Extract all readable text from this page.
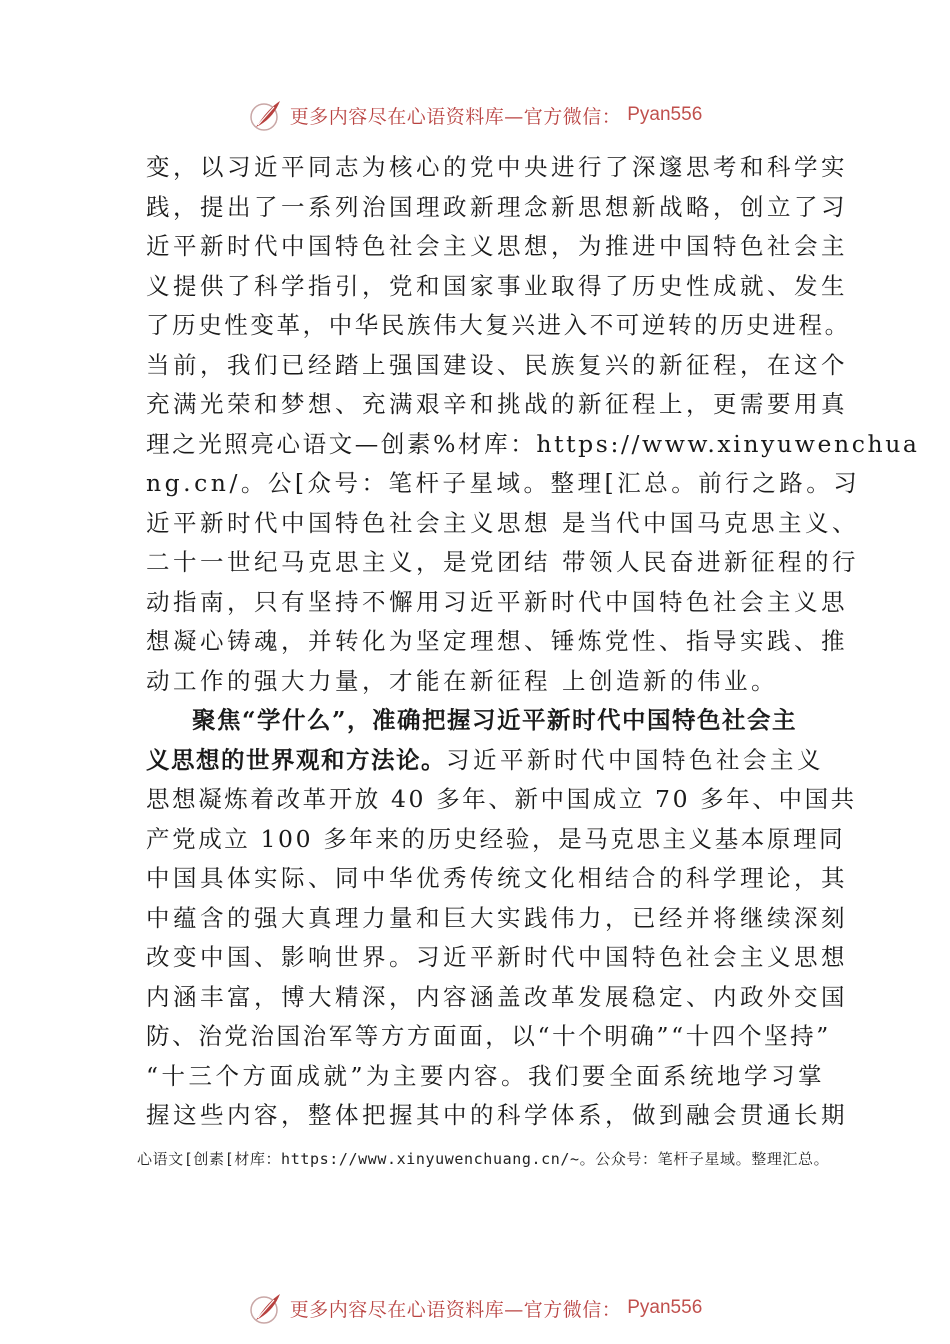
更多内容尽在心语资料库—官方微信： Pyan556
变，以习近平同志为核心的党中央进行了深邃思考和科学实
践，提出了一系列治国理政新理念新思想新战略，创立了习
近平新时代中国特色社会主义思想，为推进中国特色社会主
义提供了科学指引，党和国家事业取得了历史性成就、发生
了历史性变革，中华民族伟大复兴进入不可逆转的历史进程。
当前，我们已经踏上强国建设、民族复兴的新征程，在这个
充满光荣和梦想、充满艰辛和挑战的新征程上，更需要用真
理之光照亮心语文—创素%材库：https://www.xinyuwenchua
ng.cn/。公[众号：笔杆子星域。整理[汇总。前行之路。习
近平新时代中国特色社会主义思想 是当代中国马克思主义、
二十一世纪马克思主义，是党团结 带领人民奋进新征程的行
动指南，只有坚持不懈用习近平新时代中国特色社会主义思
想凝心铸魂，并转化为坚定理想、锤炼党性、指导实践、推
动工作的强大力量，才能在新征程 上创造新的伟业。
聚焦“学什么”，准确把握习近平新时代中国特色社会主
义思想的世界观和方法论。习近平新时代中国特色社会主义
思想凝炼着改革开放 40 多年、新中国成立 70 多年、中国共
产党成立 100 多年来的历史经验，是马克思主义基本原理同
中国具体实际、同中华优秀传统文化相结合的科学理论，其
中蕴含的强大真理力量和巨大实践伟力，已经并将继续深刻
改变中国、影响世界。习近平新时代中国特色社会主义思想
内涵丰富，博大精深，内容涵盖改革发展稳定、内政外交国
防、治党治国治军等方方面面，以“十个明确”“十四个坚持”
“十三个方面成就”为主要内容。我们要全面系统地学习掌
握这些内容，整体把握其中的科学体系，做到融会贯通长期
心语文[创素[材库：https://www.xinyuwenchuang.cn/~。公众号：笔杆子星域。整理汇总。
更多内容尽在心语资料库—官方微信： Pyan556
